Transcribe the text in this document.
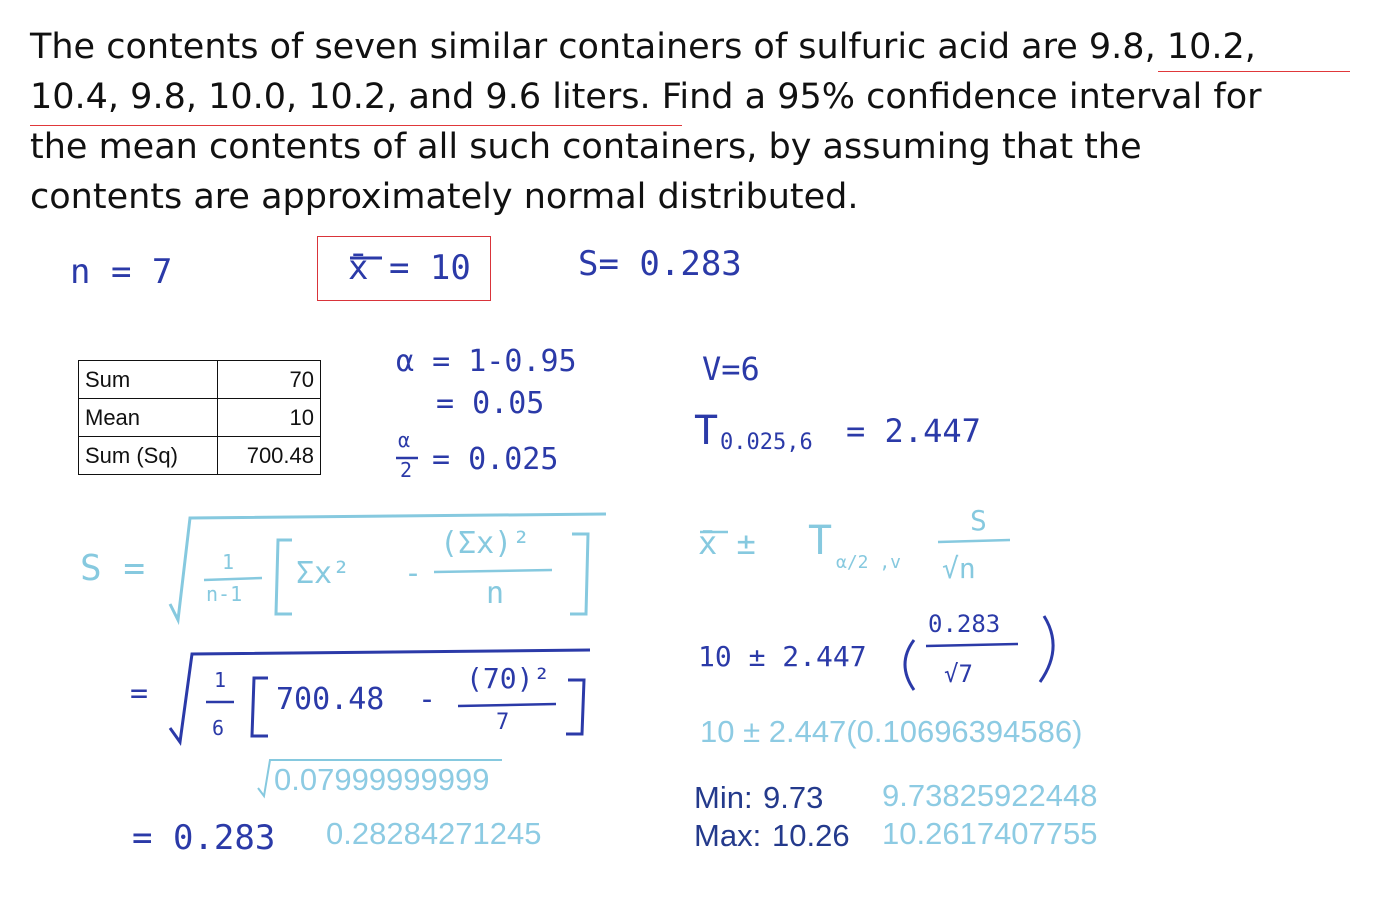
The contents of seven similar containers of sulfuric acid are 9.8, 10.2,
10.4, 9.8, 10.0, 10.2, and 9.6 liters. Find a 95% confidence interval for
the mean contents of all such containers, by assuming that the
contents are approximately normal distributed.
n = 7	x̄ = 10	S= 0.283
Sum	70
Mean	10
Sum (Sq)	700.48
α = 1-0.95
= 0.05
α
2 = 0.025
V=6
T 0.025,6 = 2.447
S =	1
n-1
Σx² -
(Σx)²
n
=	1
6
700.48 -
(70)²
7
0.07999999999
= 0.283 0.28284271245
x̄ ± T α/2 ,v
S
√n
10 ± 2.447
0.283
√7
10 ± 2.447(0.10696394586)
Min: 9.73 9.73825922448
Max: 10.26 10.2617407755
